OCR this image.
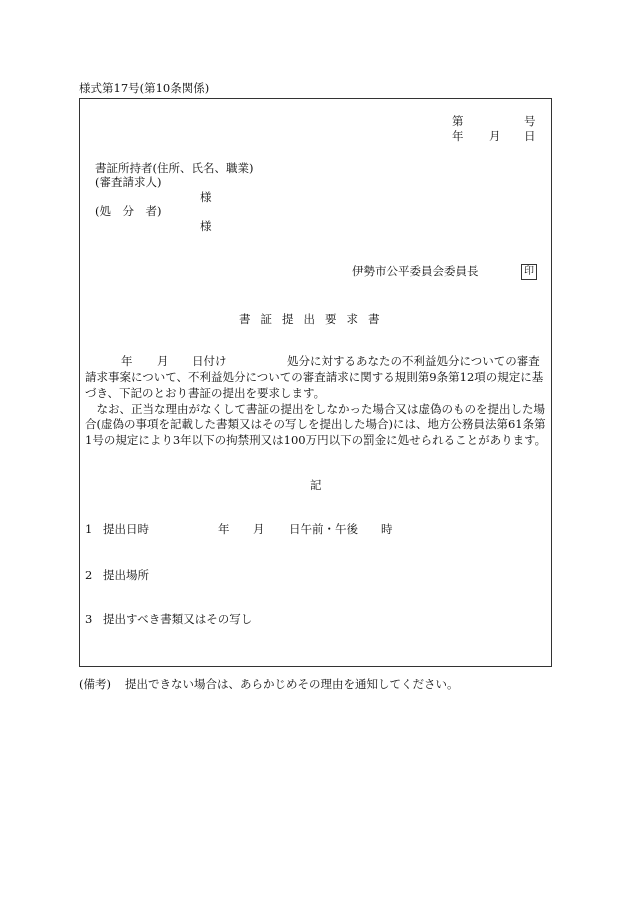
様式第17号(第10条関係)
第	号
年 月 日
書証所持者(住所、氏名、職業)
(審査請求人)
様
(処　分　者)
様
伊勢市公平委員会委員長	印
書証提出要求書
年 月 日付け	処分に対するあなたの不利益処分についての審査
請求事案について、不利益処分についての審査請求に関する規則第9条第12項の規定に基
づき、下記のとおり書証の提出を要求します。
　なお、正当な理由がなくして書証の提出をしなかった場合又は虚偽のものを提出した場
合(虚偽の事項を記載した書類又はその写しを提出した場合)には、地方公務員法第61条第
1号の規定により3年以下の拘禁刑又は100万円以下の罰金に処せられることがあります。
記
1 提出日時	年 月 日午前・午後 時
2 提出場所
3 提出すべき書類又はその写し
(備考) 提出できない場合は、あらかじめその理由を通知してください。
